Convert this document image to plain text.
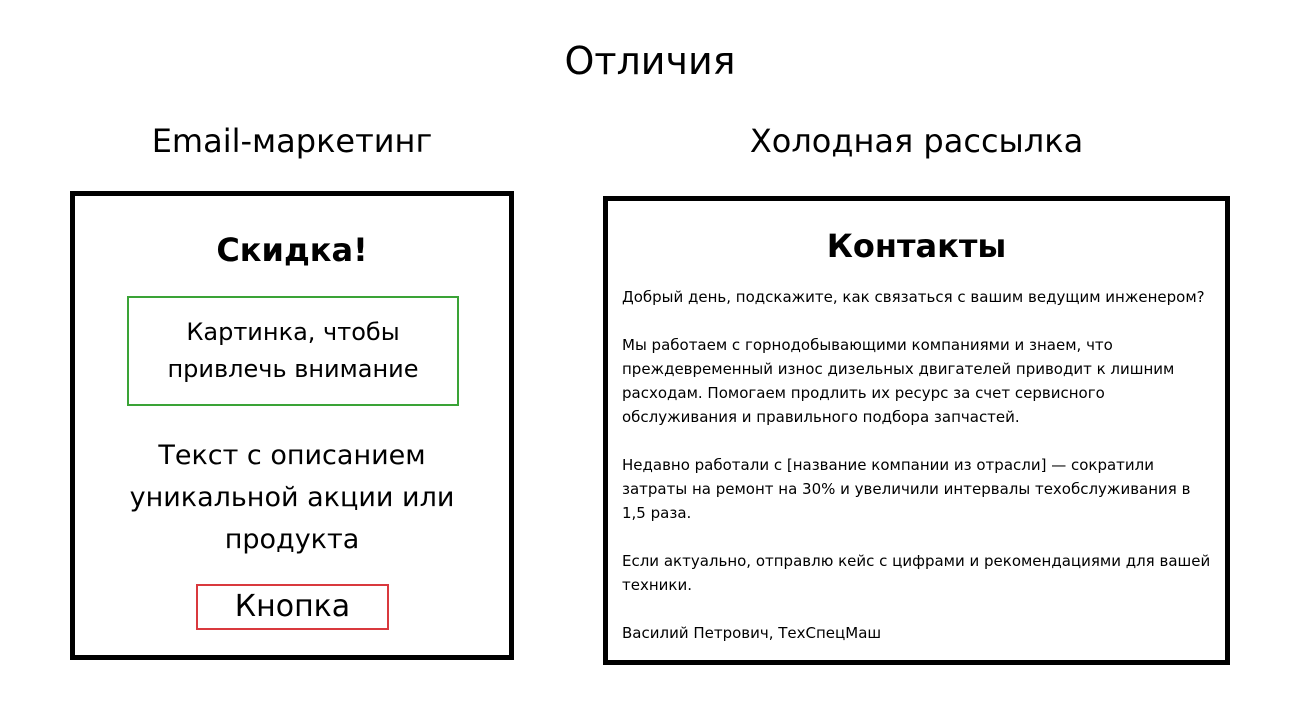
Отличия
Email-маркетинг	Холодная рассылка
Скидка!
Картинка, чтобы привлечь внимание
Текст с описанием уникальной акции или продукта
Кнопка
Контакты

Добрый день, подскажите, как связаться с вашим ведущим инженером?

Мы работаем с горнодобывающими компаниями и знаем, что преждевременный износ дизельных двигателей приводит к лишним расходам. Помогаем продлить их ресурс за счет сервисного обслуживания и правильного подбора запчастей.

Недавно работали с [название компании из отрасли] — сократили затраты на ремонт на 30% и увеличили интервалы техобслуживания в 1,5 раза.

Если актуально, отправлю кейс с цифрами и рекомендациями для вашей техники.

Василий Петрович, ТехСпецМаш
